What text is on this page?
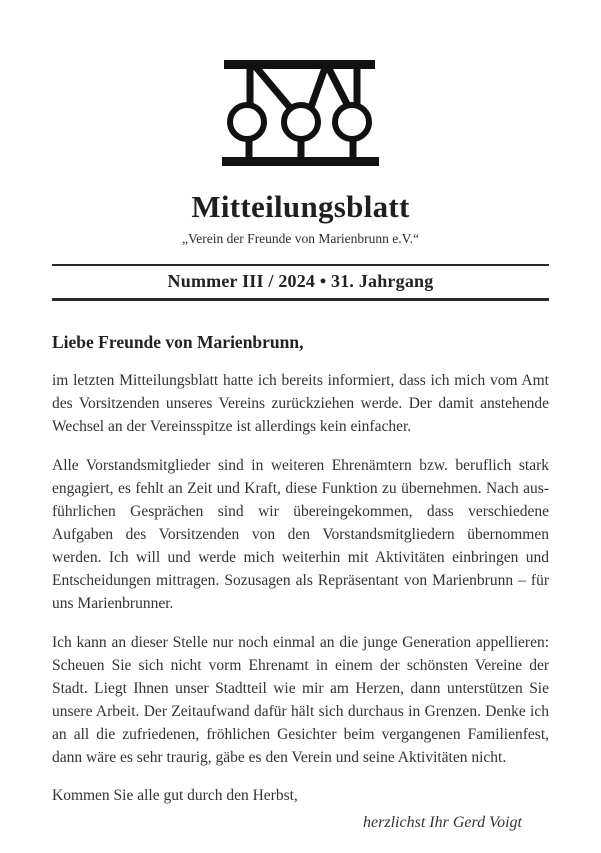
Mitteilungsblatt
„Verein der Freunde von Marienbrunn e.V.“
Nummer III / 2024 • 31. Jahrgang
Liebe Freunde von Marienbrunn,

im letzten Mitteilungsblatt hatte ich bereits informiert, dass ich mich vom Amt des Vorsitzenden unseres Vereins zurückziehen werde. Der damit anstehende Wechsel an der Vereinsspitze ist allerdings kein einfacher.

Alle Vorstandsmitglieder sind in weiteren Ehrenämtern bzw. beruflich stark engagiert, es fehlt an Zeit und Kraft, diese Funktion zu übernehmen. Nach ausführlichen Gesprächen sind wir übereingekommen, dass verschiedene Aufgaben des Vorsitzenden von den Vorstandsmitgliedern übernommen werden. Ich will und werde mich weiterhin mit Aktivitäten einbringen und Entscheidungen mittragen. Sozusagen als Repräsentant von Marienbrunn – für uns Marienbrunner.

Ich kann an dieser Stelle nur noch einmal an die junge Generation appellieren: Scheuen Sie sich nicht vorm Ehrenamt in einem der schönsten Vereine der Stadt. Liegt Ihnen unser Stadtteil wie mir am Herzen, dann unterstützen Sie unsere Arbeit. Der Zeitaufwand dafür hält sich durchaus in Grenzen. Denke ich an all die zufriedenen, fröhlichen Gesichter beim vergangenen Familienfest, dann wäre es sehr traurig, gäbe es den Verein und seine Aktivitäten nicht.

Kommen Sie alle gut durch den Herbst,

herzlichst Ihr Gerd Voigt
